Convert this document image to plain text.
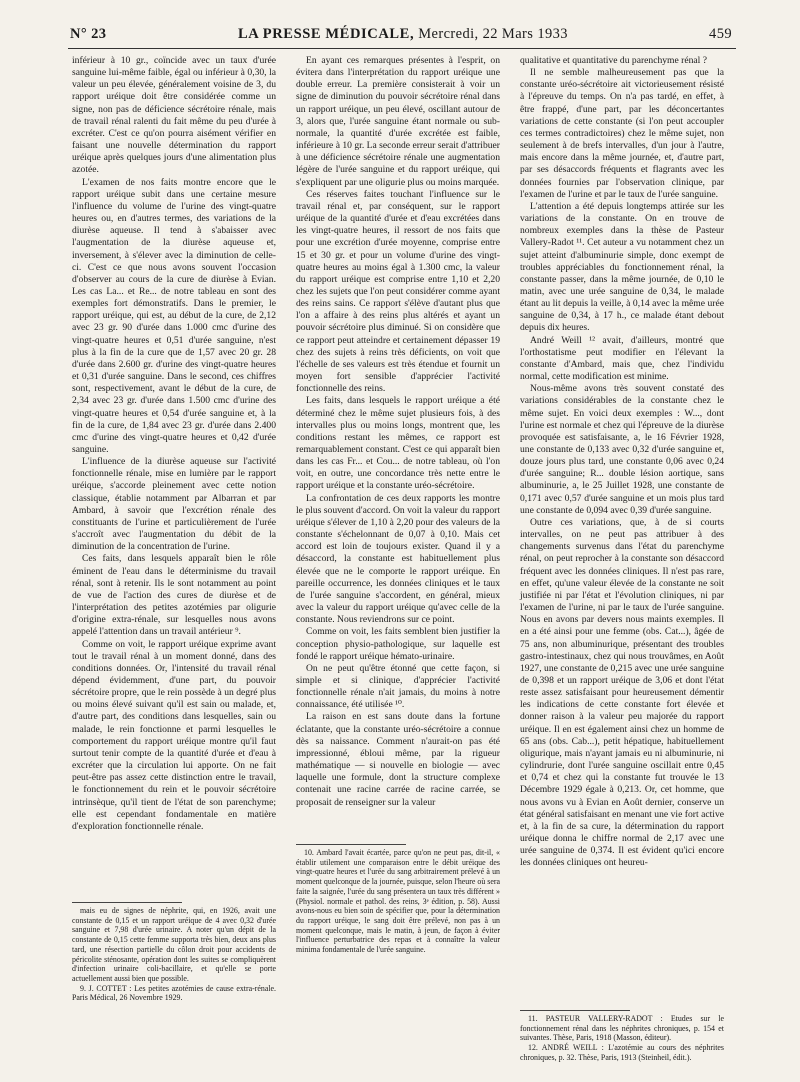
N° 23	LA PRESSE MÉDICALE, Mercredi, 22 Mars 1933	459

inférieur à 10 gr., coïncide avec un taux d'urée sanguine lui-même faible, égal ou inférieur à 0,30, la valeur un peu élevée, généralement voisine de 3, du rapport uréique doit être considérée comme un signe, non pas de déficience sécrétoire rénale, mais de travail rénal ralenti du fait même du peu d'urée à excréter. C'est ce qu'on pourra aisément vérifier en faisant une nouvelle détermination du rapport uréique après quelques jours d'une alimentation plus azotée.

L'examen de nos faits montre encore que le rapport uréique subit dans une certaine mesure l'influence du volume de l'urine des vingt-quatre heures ou, en d'autres termes, des variations de la diurèse aqueuse. Il tend à s'abaisser avec l'augmentation de la diurèse aqueuse et, inversement, à s'élever avec la diminution de celle-ci. C'est ce que nous avons souvent l'occasion d'observer au cours de la cure de diurèse à Evian. Les cas La... et Re... de notre tableau en sont des exemples fort démonstratifs. Dans le premier, le rapport uréique, qui est, au début de la cure, de 2,12 avec 23 gr. 90 d'urée dans 1.000 cmc d'urine des vingt-quatre heures et 0,51 d'urée sanguine, n'est plus à la fin de la cure que de 1,57 avec 20 gr. 28 d'urée dans 2.600 gr. d'urine des vingt-quatre heures et 0,31 d'urée sanguine. Dans le second, ces chiffres sont, respectivement, avant le début de la cure, de 2,34 avec 23 gr. d'urée dans 1.500 cmc d'urine des vingt-quatre heures et 0,54 d'urée sanguine et, à la fin de la cure, de 1,84 avec 23 gr. d'urée dans 2.400 cmc d'urine des vingt-quatre heures et 0,42 d'urée sanguine.

L'influence de la diurèse aqueuse sur l'activité fonctionnelle rénale, mise en lumière par le rapport uréique, s'accorde pleinement avec cette notion classique, établie notamment par Albarran et par Ambard, à savoir que l'excrétion rénale des constituants de l'urine et particulièrement de l'urée s'accroît avec l'augmentation du débit de la diminution de la concentration de l'urine.

Ces faits, dans lesquels apparaît bien le rôle éminent de l'eau dans le déterminisme du travail rénal, sont à retenir. Ils le sont notamment au point de vue de l'action des cures de diurèse et de l'interprétation des petites azotémies par oligurie d'origine extra-rénale, sur lesquelles nous avons appelé l'attention dans un travail antérieur ⁹.

Comme on voit, le rapport uréique exprime avant tout le travail rénal à un moment donné, dans des conditions données. Or, l'intensité du travail rénal dépend évidemment, d'une part, du pouvoir sécrétoire propre, que le rein possède à un degré plus ou moins élevé suivant qu'il est sain ou malade, et, d'autre part, des conditions dans lesquelles, sain ou malade, le rein fonctionne et parmi lesquelles le comportement du rapport uréique montre qu'il faut surtout tenir compte de la quantité d'urée et d'eau à excréter que la circulation lui apporte. On ne fait peut-être pas assez cette distinction entre le travail, le fonctionnement du rein et le pouvoir sécrétoire intrinsèque, qu'il tient de l'état de son parenchyme; elle est cependant fondamentale en matière d'exploration fonctionnelle rénale.

mais eu de signes de néphrite, qui, en 1926, avait une constante de 0,15 et un rapport uréique de 4 avec 0,32 d'urée sanguine et 7,98 d'urée urinaire. A noter qu'un dépit de la constante de 0,15 cette femme supporta très bien, deux ans plus tard, une résection partielle du côlon droit pour accidents de péricolite sténosante, opération dont les suites se compliquèrent d'infection urinaire coli-bacillaire, et qu'elle se porte actuellement aussi bien que possible.

9. J. COTTET : Les petites azotémies de cause extra-rénale. Paris Médical, 26 Novembre 1929.

En ayant ces remarques présentes à l'esprit, on évitera dans l'interprétation du rapport uréique une double erreur. La première consisterait à voir un signe de diminution du pouvoir sécrétoire rénal dans un rapport uréique, un peu élevé, oscillant autour de 3, alors que, l'urée sanguine étant normale ou sub-normale, la quantité d'urée excrétée est faible, inférieure à 10 gr. La seconde erreur serait d'attribuer à une déficience sécrétoire rénale une augmentation légère de l'urée sanguine et du rapport uréique, qui s'expliquent par une oligurie plus ou moins marquée.

Ces réserves faites touchant l'influence sur le travail rénal et, par conséquent, sur le rapport uréique de la quantité d'urée et d'eau excrétées dans les vingt-quatre heures, il ressort de nos faits que pour une excrétion d'urée moyenne, comprise entre 15 et 30 gr. et pour un volume d'urine des vingt-quatre heures au moins égal à 1.300 cmc, la valeur du rapport uréique est comprise entre 1,10 et 2,20 chez les sujets que l'on peut considérer comme ayant des reins sains. Ce rapport s'élève d'autant plus que l'on a affaire à des reins plus altérés et ayant un pouvoir sécrétoire plus diminué. Si on considère que ce rapport peut atteindre et certainement dépasser 19 chez des sujets à reins très déficients, on voit que l'échelle de ses valeurs est très étendue et fournit un moyen fort sensible d'apprécier l'activité fonctionnelle des reins.

Les faits, dans lesquels le rapport uréique a été déterminé chez le même sujet plusieurs fois, à des intervalles plus ou moins longs, montrent que, les conditions restant les mêmes, ce rapport est remarquablement constant. C'est ce qui apparaît bien dans les cas Fr... et Cou... de notre tableau, où l'on voit, en outre, une concordance très nette entre le rapport uréique et la constante uréo-sécrétoire.

La confrontation de ces deux rapports les montre le plus souvent d'accord. On voit la valeur du rapport uréique s'élever de 1,10 à 2,20 pour des valeurs de la constante s'échelonnant de 0,07 à 0,10. Mais cet accord est loin de toujours exister. Quand il y a désaccord, la constante est habituellement plus élevée que ne le comporte le rapport uréique. En pareille occurrence, les données cliniques et le taux de l'urée sanguine s'accordent, en général, mieux avec la valeur du rapport uréique qu'avec celle de la constante. Nous reviendrons sur ce point.

Comme on voit, les faits semblent bien justifier la conception physio-pathologique, sur laquelle est fondé le rapport uréique hémato-urinaire.

On ne peut qu'être étonné que cette façon, si simple et si clinique, d'apprécier l'activité fonctionnelle rénale n'ait jamais, du moins à notre connaissance, été utilisée ¹⁰.

La raison en est sans doute dans la fortune éclatante, que la constante uréo-sécrétoire a connue dès sa naissance. Comment n'aurait-on pas été impressionné, ébloui même, par la rigueur mathématique — si nouvelle en biologie — avec laquelle une formule, dont la structure complexe contenait une racine carrée de racine carrée, se proposait de renseigner sur la valeur

10. Ambard l'avait écartée, parce qu'on ne peut pas, dit-il, « établir utilement une comparaison entre le débit uréique des vingt-quatre heures et l'urée du sang arbitrairement prélevé à un moment quelconque de la journée, puisque, selon l'heure où sera faite la saignée, l'urée du sang présentera un taux très différent » (Physiol. normale et pathol. des reins, 3ᵉ édition, p. 58). Aussi avons-nous eu bien soin de spécifier que, pour la détermination du rapport uréique, le sang doit être prélevé, non pas à un moment quelconque, mais le matin, à jeun, de façon à éviter l'influence perturbatrice des repas et à connaître la valeur minima fondamentale de l'urée sanguine.

qualitative et quantitative du parenchyme rénal ?

Il ne semble malheureusement pas que la constante uréo-sécrétoire ait victorieusement résisté à l'épreuve du temps. On n'a pas tardé, en effet, à être frappé, d'une part, par les déconcertantes variations de cette constante (si l'on peut accoupler ces termes contradictoires) chez le même sujet, non seulement à de brefs intervalles, d'un jour à l'autre, mais encore dans la même journée, et, d'autre part, par ses désaccords fréquents et flagrants avec les données fournies par l'observation clinique, par l'examen de l'urine et par le taux de l'urée sanguine.

L'attention a été depuis longtemps attirée sur les variations de la constante. On en trouve de nombreux exemples dans la thèse de Pasteur Vallery-Radot ¹¹. Cet auteur a vu notamment chez un sujet atteint d'albuminurie simple, donc exempt de troubles appréciables du fonctionnement rénal, la constante passer, dans la même journée, de 0,10 le matin, avec une urée sanguine de 0,34, le malade étant au lit depuis la veille, à 0,14 avec la même urée sanguine de 0,34, à 17 h., ce malade étant debout depuis dix heures.

André Weill ¹² avait, d'ailleurs, montré que l'orthostatisme peut modifier en l'élevant la constante d'Ambard, mais que, chez l'individu normal, cette modification est minime.

Nous-même avons très souvent constaté des variations considérables de la constante chez le même sujet. En voici deux exemples : W..., dont l'urine est normale et chez qui l'épreuve de la diurèse provoquée est satisfaisante, a, le 16 Février 1928, une constante de 0,133 avec 0,32 d'urée sanguine et, douze jours plus tard, une constante 0,06 avec 0,24 d'urée sanguine; R... double lésion aortique, sans albuminurie, a, le 25 Juillet 1928, une constante de 0,171 avec 0,57 d'urée sanguine et un mois plus tard une constante de 0,094 avec 0,39 d'urée sanguine.

Outre ces variations, que, à de si courts intervalles, on ne peut pas attribuer à des changements survenus dans l'état du parenchyme rénal, on peut reprocher à la constante son désaccord fréquent avec les données cliniques. Il n'est pas rare, en effet, qu'une valeur élevée de la constante ne soit justifiée ni par l'état et l'évolution cliniques, ni par l'examen de l'urine, ni par le taux de l'urée sanguine. Nous en avons par devers nous maints exemples. Il en a été ainsi pour une femme (obs. Cat...), âgée de 75 ans, non albuminurique, présentant des troubles gastro-intestinaux, chez qui nous trouvâmes, en Août 1927, une constante de 0,215 avec une urée sanguine de 0,398 et un rapport uréique de 3,06 et dont l'état reste assez satisfaisant pour heureusement démentir les indications de cette constante fort élevée et donner raison à la valeur peu majorée du rapport uréique. Il en est également ainsi chez un homme de 65 ans (obs. Cab...), petit hépatique, habituellement oligurique, mais n'ayant jamais eu ni albuminurie, ni cylindrurie, dont l'urée sanguine oscillait entre 0,45 et 0,74 et chez qui la constante fut trouvée le 13 Décembre 1929 égale à 0,213. Or, cet homme, que nous avons vu à Evian en Août dernier, conserve un état général satisfaisant en menant une vie fort active et, à la fin de sa cure, la détermination du rapport uréique donna le chiffre normal de 2,17 avec une urée sanguine de 0,374. Il est évident qu'ici encore les données cliniques ont heureu-

11. PASTEUR VALLERY-RADOT : Etudes sur le fonctionnement rénal dans les néphrites chroniques, p. 154 et suivantes. Thèse, Paris, 1918 (Masson, éditeur).

12. ANDRÉ WEILL : L'azotémie au cours des néphrites chroniques, p. 32. Thèse, Paris, 1913 (Steinheil, édit.).
